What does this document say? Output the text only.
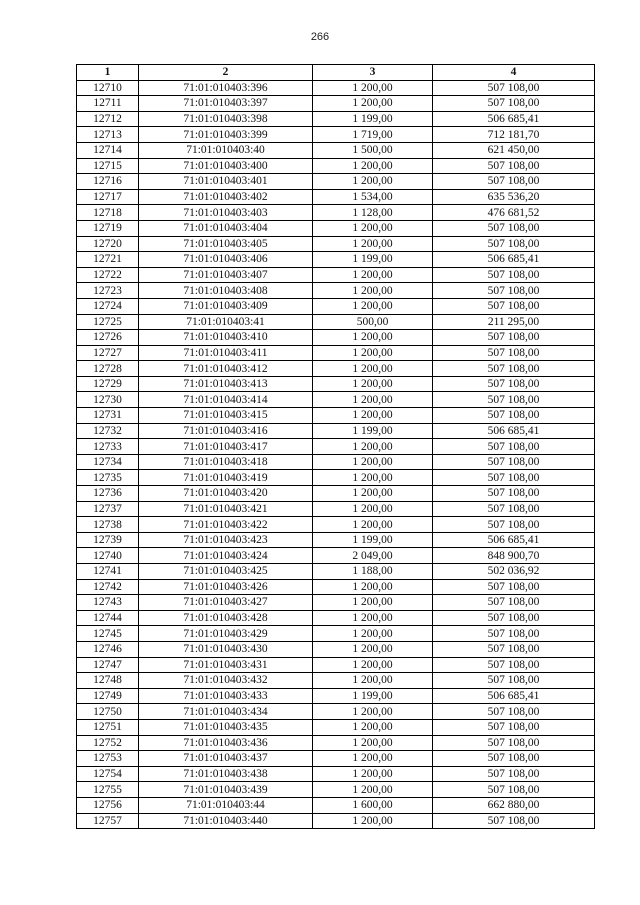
266
1	2	3	4
12710	71:01:010403:396	1 200,00	507 108,00
12711	71:01:010403:397	1 200,00	507 108,00
12712	71:01:010403:398	1 199,00	506 685,41
12713	71:01:010403:399	1 719,00	712 181,70
12714	71:01:010403:40	1 500,00	621 450,00
12715	71:01:010403:400	1 200,00	507 108,00
12716	71:01:010403:401	1 200,00	507 108,00
12717	71:01:010403:402	1 534,00	635 536,20
12718	71:01:010403:403	1 128,00	476 681,52
12719	71:01:010403:404	1 200,00	507 108,00
12720	71:01:010403:405	1 200,00	507 108,00
12721	71:01:010403:406	1 199,00	506 685,41
12722	71:01:010403:407	1 200,00	507 108,00
12723	71:01:010403:408	1 200,00	507 108,00
12724	71:01:010403:409	1 200,00	507 108,00
12725	71:01:010403:41	500,00	211 295,00
12726	71:01:010403:410	1 200,00	507 108,00
12727	71:01:010403:411	1 200,00	507 108,00
12728	71:01:010403:412	1 200,00	507 108,00
12729	71:01:010403:413	1 200,00	507 108,00
12730	71:01:010403:414	1 200,00	507 108,00
12731	71:01:010403:415	1 200,00	507 108,00
12732	71:01:010403:416	1 199,00	506 685,41
12733	71:01:010403:417	1 200,00	507 108,00
12734	71:01:010403:418	1 200,00	507 108,00
12735	71:01:010403:419	1 200,00	507 108,00
12736	71:01:010403:420	1 200,00	507 108,00
12737	71:01:010403:421	1 200,00	507 108,00
12738	71:01:010403:422	1 200,00	507 108,00
12739	71:01:010403:423	1 199,00	506 685,41
12740	71:01:010403:424	2 049,00	848 900,70
12741	71:01:010403:425	1 188,00	502 036,92
12742	71:01:010403:426	1 200,00	507 108,00
12743	71:01:010403:427	1 200,00	507 108,00
12744	71:01:010403:428	1 200,00	507 108,00
12745	71:01:010403:429	1 200,00	507 108,00
12746	71:01:010403:430	1 200,00	507 108,00
12747	71:01:010403:431	1 200,00	507 108,00
12748	71:01:010403:432	1 200,00	507 108,00
12749	71:01:010403:433	1 199,00	506 685,41
12750	71:01:010403:434	1 200,00	507 108,00
12751	71:01:010403:435	1 200,00	507 108,00
12752	71:01:010403:436	1 200,00	507 108,00
12753	71:01:010403:437	1 200,00	507 108,00
12754	71:01:010403:438	1 200,00	507 108,00
12755	71:01:010403:439	1 200,00	507 108,00
12756	71:01:010403:44	1 600,00	662 880,00
12757	71:01:010403:440	1 200,00	507 108,00
